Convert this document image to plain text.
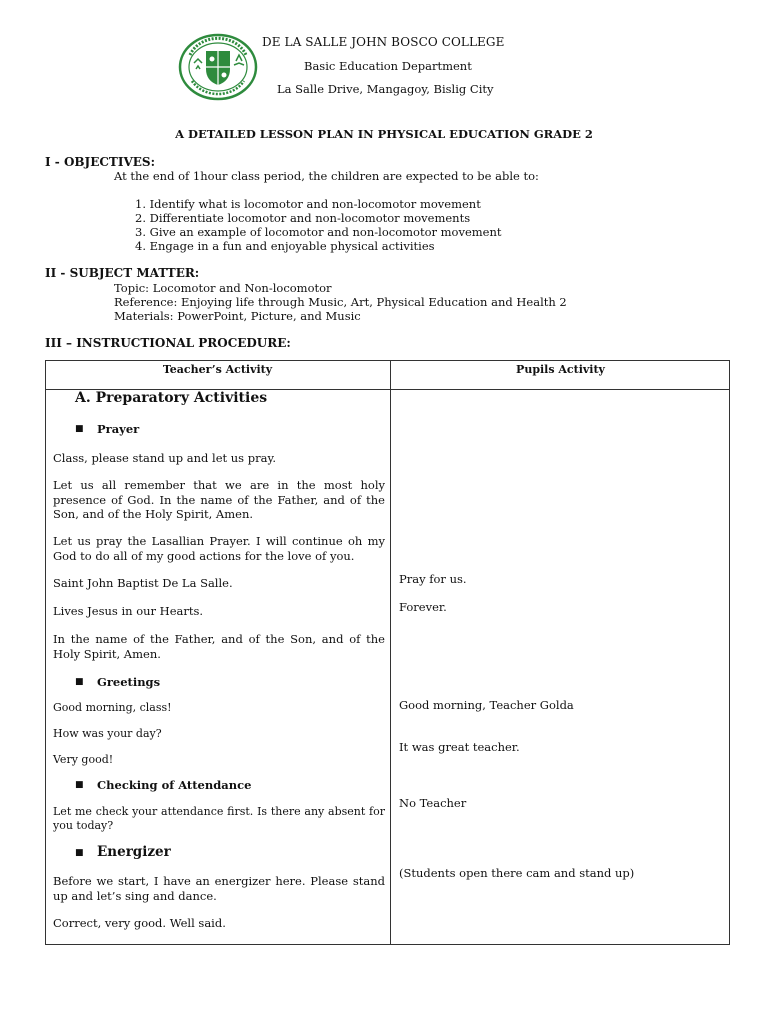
DE LA SALLE JOHN BOSCO COLLEGE
Basic Education Department
La Salle Drive, Mangagoy, Bislig City
A DETAILED LESSON PLAN IN PHYSICAL EDUCATION GRADE 2
I - OBJECTIVES:
At the end of 1hour class period, the children are expected to be able to:
1. Identify what is locomotor and non-locomotor movement
2. Differentiate locomotor and non-locomotor movements
3. Give an example of locomotor and non-locomotor movement
4. Engage in a fun and enjoyable physical activities
II - SUBJECT MATTER:
Topic: Locomotor and Non-locomotor
Reference: Enjoying life through Music, Art, Physical Education and Health 2
Materials: PowerPoint, Picture, and Music
III – INSTRUCTIONAL PROCEDURE:
Teacher’s Activity	Pupils Activity
A. Preparatory Activities
■ Prayer
Class, please stand up and let us pray.
Let us all remember that we are in the most holy presence of God. In the name of the Father, and of the Son, and of the Holy Spirit, Amen.
Let us pray the Lasallian Prayer. I will continue oh my God to do all of my good actions for the love of you.
Saint John Baptist De La Salle.
Lives Jesus in our Hearts.
In the name of the Father, and of the Son, and of the Holy Spirit, Amen.
■ Greetings
Good morning, class!
How was your day?
Very good!
■ Checking of Attendance
Let me check your attendance first. Is there any absent for you today?
■ Energizer
Before we start, I have an energizer here. Please stand up and let’s sing and dance.
Correct, very good. Well said.
Pray for us.
Forever.
Good morning, Teacher Golda
It was great teacher.
No Teacher
(Students open there cam and stand up)
